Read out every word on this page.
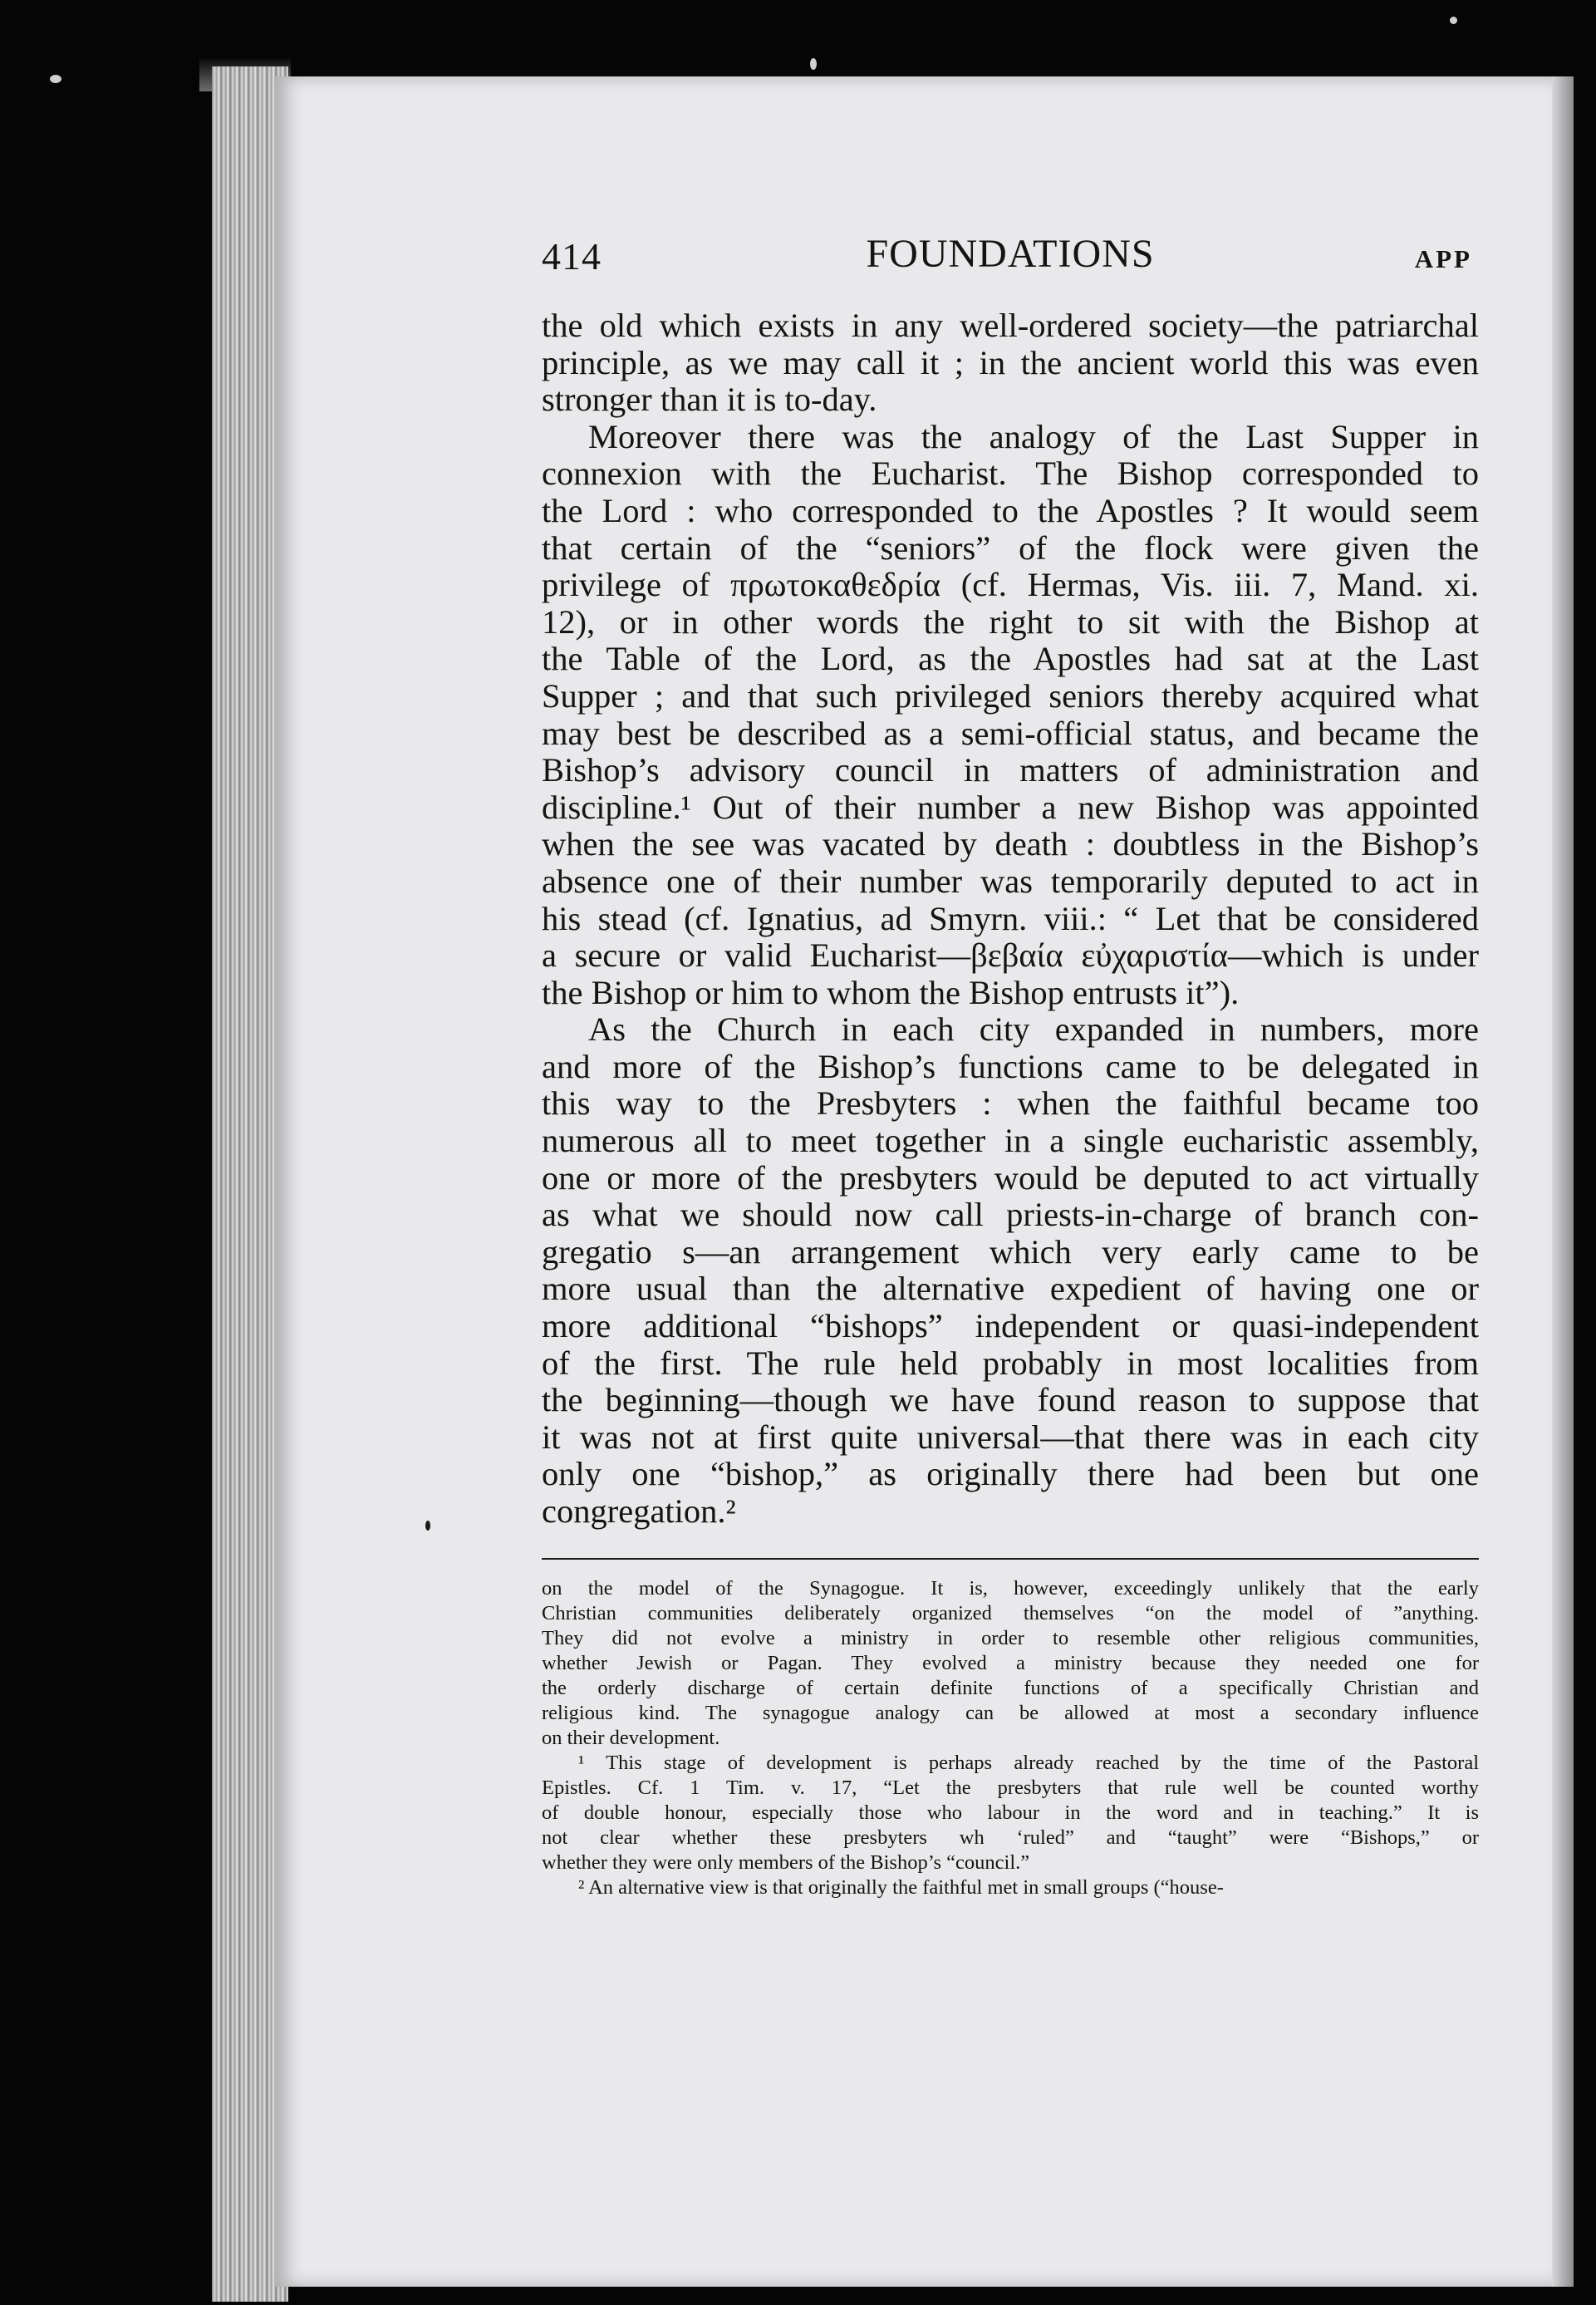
414	FOUNDATIONS	APP
the old which exists in any well-ordered society—the patriarchal
principle, as we may call it ; in the ancient world this was even
stronger than it is to-day.
Moreover there was the analogy of the Last Supper in
connexion with the Eucharist. The Bishop corresponded to
the Lord : who corresponded to the Apostles ? It would seem
that certain of the “seniors” of the flock were given the
privilege of πρωτοκαθεδρία (cf. Hermas, Vis. iii. 7, Mand. xi.
12), or in other words the right to sit with the Bishop at
the Table of the Lord, as the Apostles had sat at the Last
Supper ; and that such privileged seniors thereby acquired what
may best be described as a semi-official status, and became the
Bishop’s advisory council in matters of administration and
discipline.¹ Out of their number a new Bishop was appointed
when the see was vacated by death : doubtless in the Bishop’s
absence one of their number was temporarily deputed to act in
his stead (cf. Ignatius, ad Smyrn. viii.: “ Let that be considered
a secure or valid Eucharist—βεβαία εὐχαριστία—which is under
the Bishop or him to whom the Bishop entrusts it”).
As the Church in each city expanded in numbers, more
and more of the Bishop’s functions came to be delegated in
this way to the Presbyters : when the faithful became too
numerous all to meet together in a single eucharistic assembly,
one or more of the presbyters would be deputed to act virtually
as what we should now call priests-in-charge of branch con-
gregatio s—an arrangement which very early came to be
more usual than the alternative expedient of having one or
more additional “bishops” independent or quasi-independent
of the first. The rule held probably in most localities from
the beginning—though we have found reason to suppose that
it was not at first quite universal—that there was in each city
only one “bishop,” as originally there had been but one
congregation.²
on the model of the Synagogue. It is, however, exceedingly unlikely that the early
Christian communities deliberately organized themselves “on the model of ”anything.
They did not evolve a ministry in order to resemble other religious communities,
whether Jewish or Pagan. They evolved a ministry because they needed one for
the orderly discharge of certain definite functions of a specifically Christian and
religious kind. The synagogue analogy can be allowed at most a secondary influence
on their development.
¹ This stage of development is perhaps already reached by the time of the Pastoral
Epistles. Cf. 1 Tim. v. 17, “Let the presbyters that rule well be counted worthy
of double honour, especially those who labour in the word and in teaching.” It is
not clear whether these presbyters wh ‘ruled” and “taught” were “Bishops,” or
whether they were only members of the Bishop’s “council.”
² An alternative view is that originally the faithful met in small groups (“house-
